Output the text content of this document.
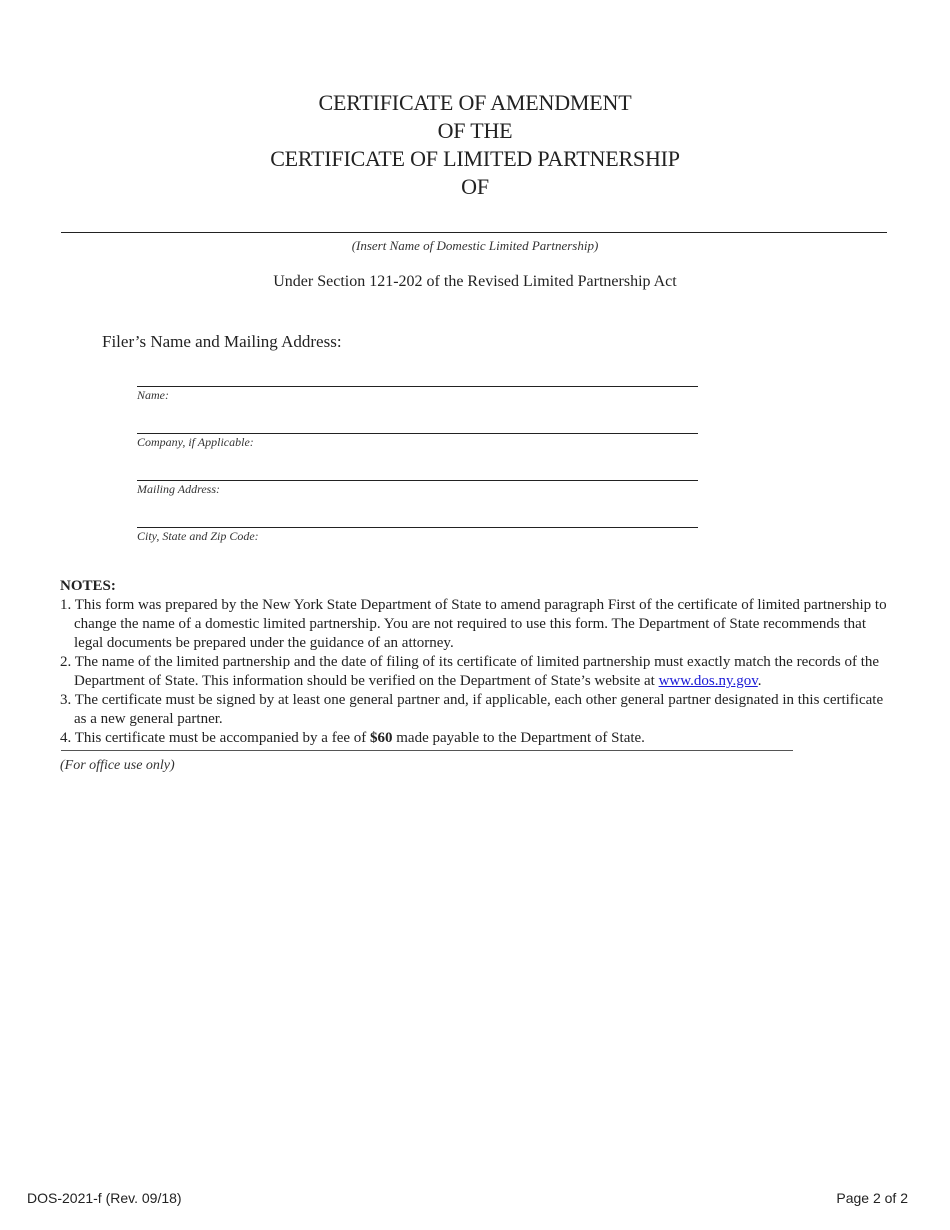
CERTIFICATE OF AMENDMENT
OF THE
CERTIFICATE OF LIMITED PARTNERSHIP
OF
(Insert Name of Domestic Limited Partnership)
Under Section 121-202 of the Revised Limited Partnership Act
Filer’s Name and Mailing Address:
Name:
Company, if Applicable:
Mailing Address:
City, State and Zip Code:
NOTES:
1. This form was prepared by the New York State Department of State to amend paragraph First of the certificate of limited partnership to change the name of a domestic limited partnership. You are not required to use this form. The Department of State recommends that legal documents be prepared under the guidance of an attorney.
2. The name of the limited partnership and the date of filing of its certificate of limited partnership must exactly match the records of the Department of State. This information should be verified on the Department of State’s website at www.dos.ny.gov.
3. The certificate must be signed by at least one general partner and, if applicable, each other general partner designated in this certificate as a new general partner.
4. This certificate must be accompanied by a fee of $60 made payable to the Department of State.
(For office use only)
DOS-2021-f (Rev. 09/18)	Page 2 of 2
